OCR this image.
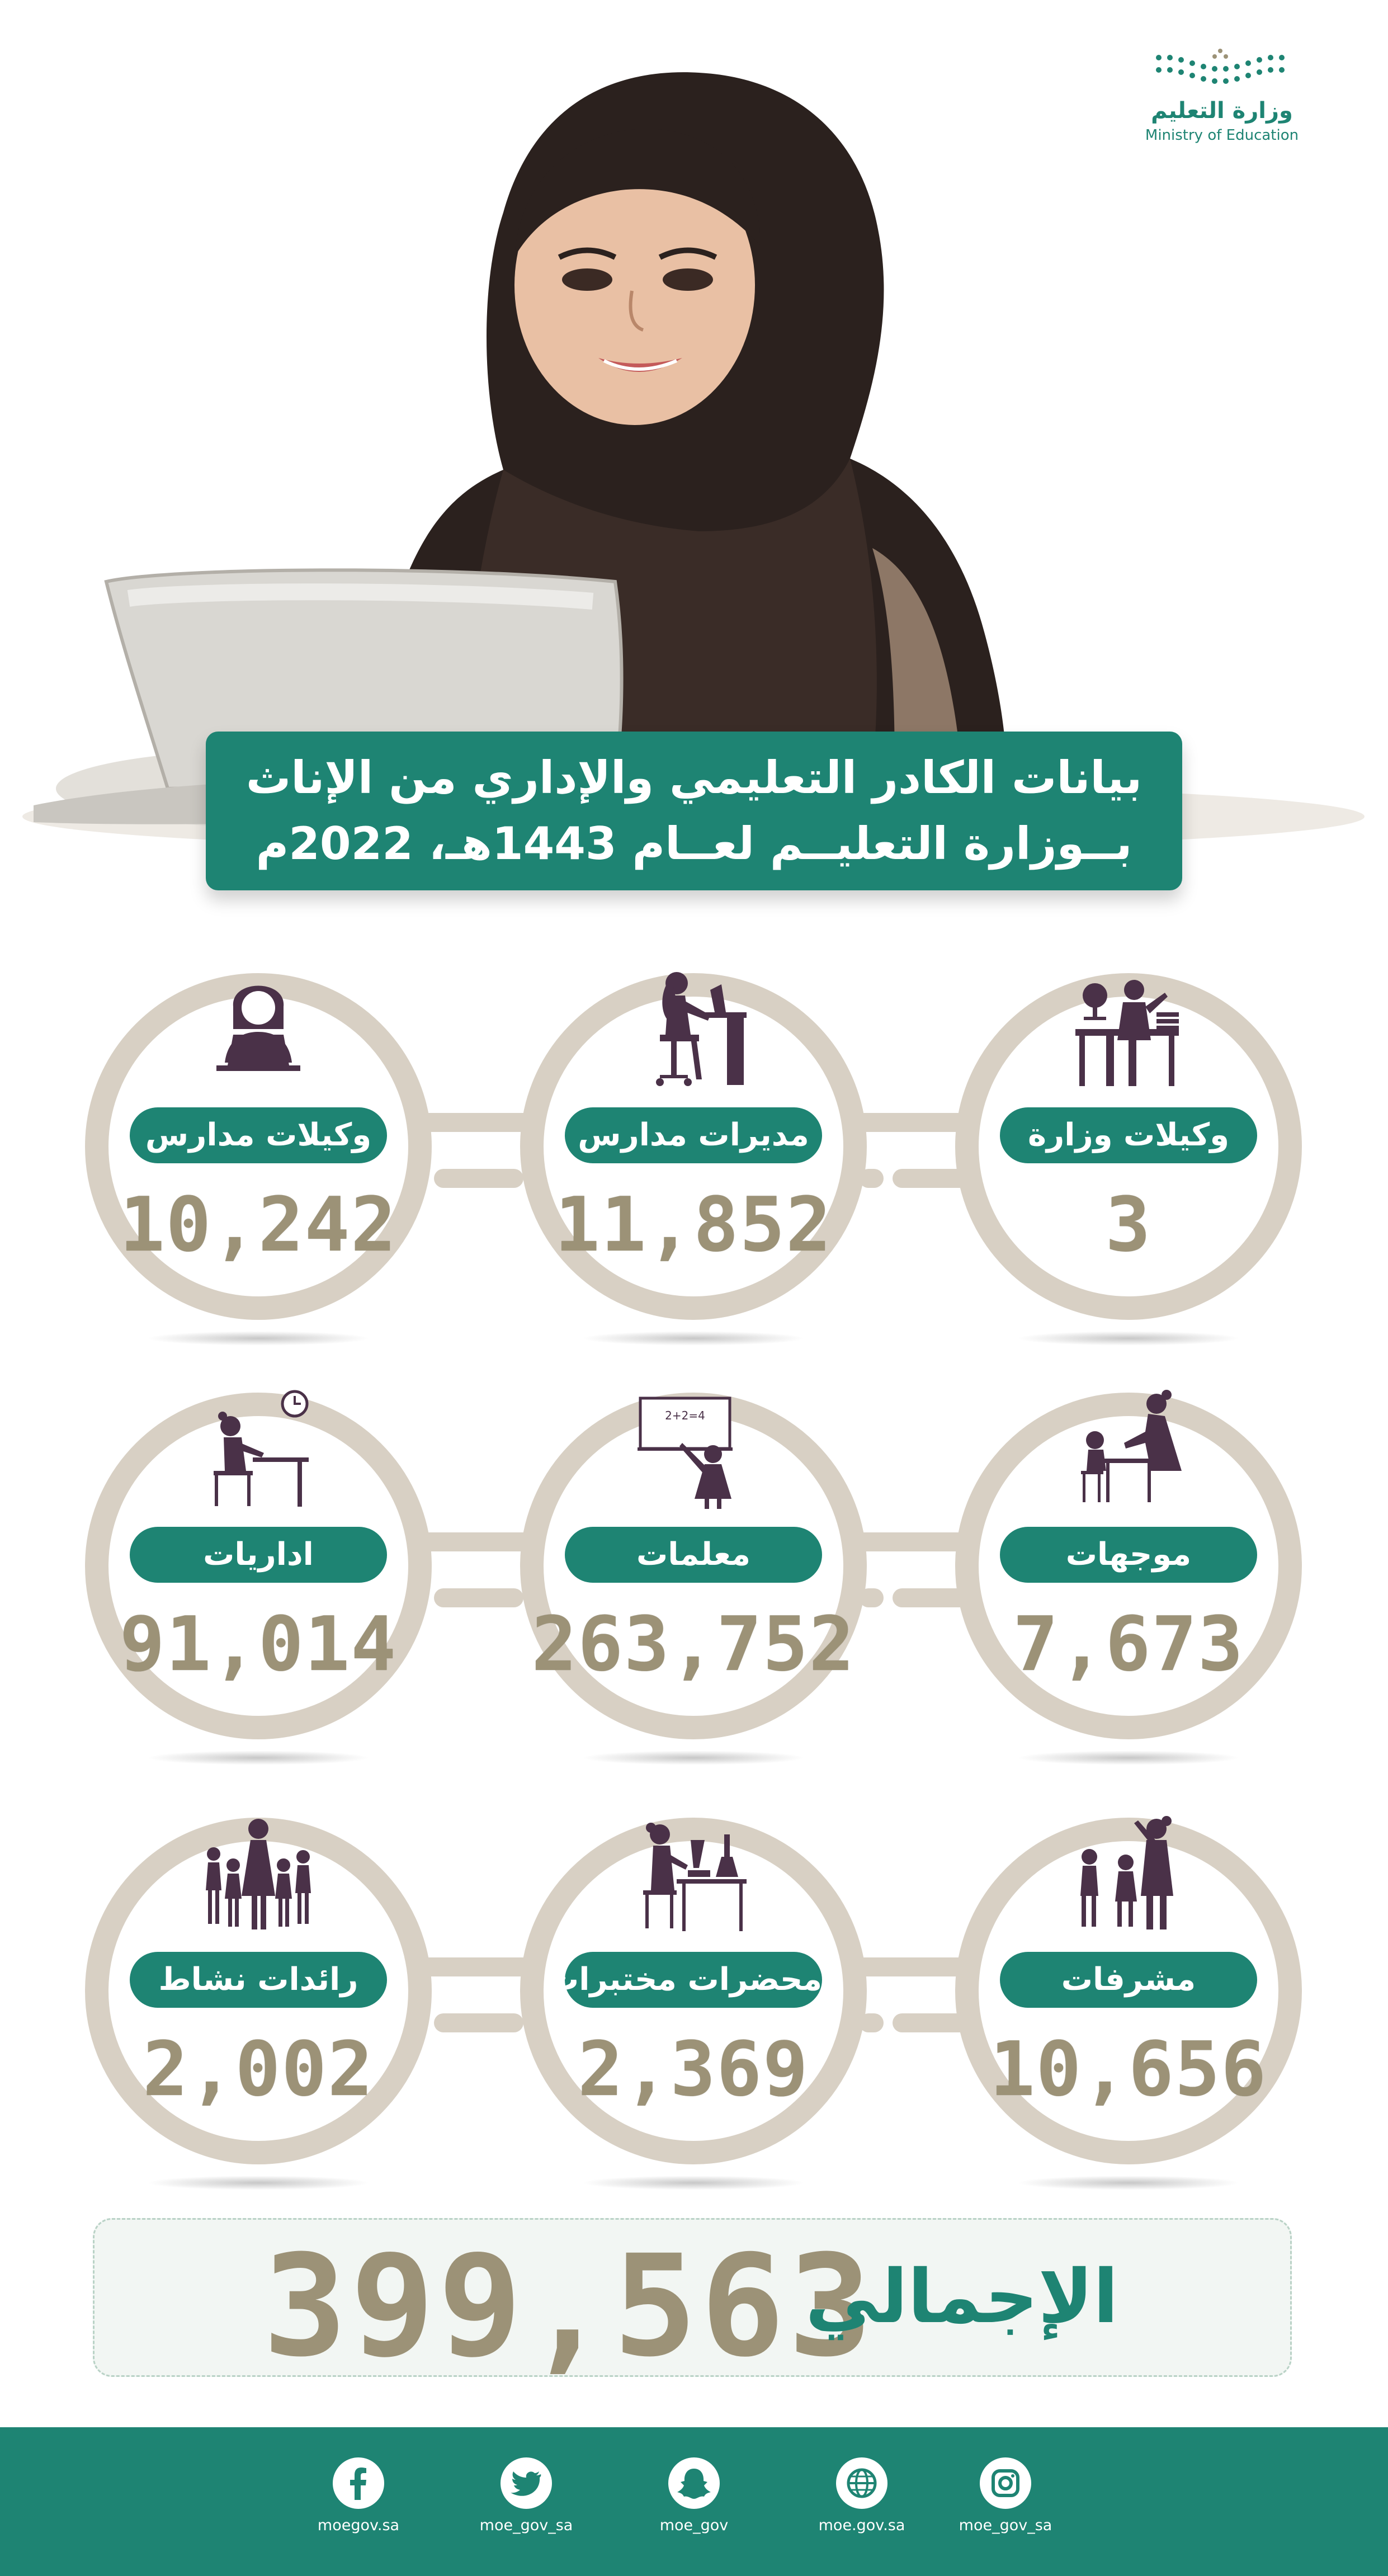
وزارة التعليم
Ministry of Education
بيانات الكادر التعليمي والإداري من الإناث
بــوزارة التعليــم لعــام 1443هـ، 2022م
وكيلات وزارة
3
مديرات مدارس
11,852
وكيلات مدارس
10,242
موجهات
7,673
2+2=4
معلمات
263,752
اداريات
91,014
مشرفات
10,656
محضرات مختبرات
2,369
رائدات نشاط
2,002
399,563
الإجمالي
moe_gov_sa
moe.gov.sa
moe_gov
moe_gov_sa
moegov.sa
